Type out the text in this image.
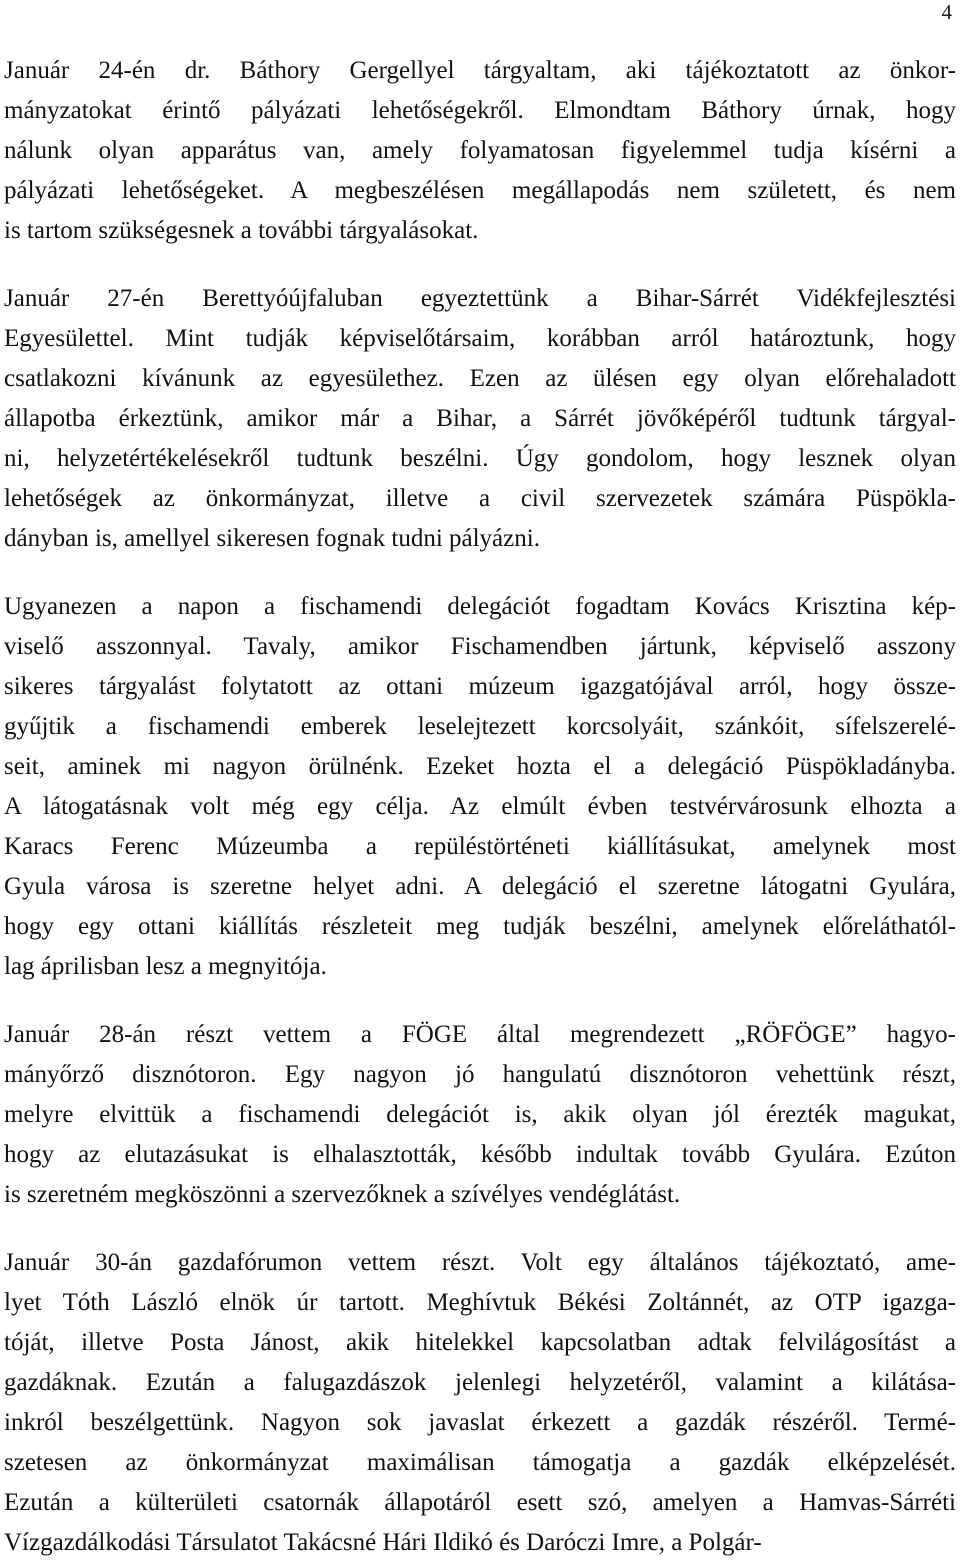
4
Január 24-én dr. Báthory Gergellyel tárgyaltam, aki tájékoztatott az önkor-
mányzatokat érintő pályázati lehetőségekről. Elmondtam Báthory úrnak, hogy
nálunk olyan apparátus van, amely folyamatosan figyelemmel tudja kísérni a
pályázati lehetőségeket. A megbeszélésen megállapodás nem született, és nem
is tartom szükségesnek a további tárgyalásokat.
Január 27-én Berettyóújfaluban egyeztettünk a Bihar-Sárrét Vidékfejlesztési
Egyesülettel. Mint tudják képviselőtársaim, korábban arról határoztunk, hogy
csatlakozni kívánunk az egyesülethez. Ezen az ülésen egy olyan előrehaladott
állapotba érkeztünk, amikor már a Bihar, a Sárrét jövőképéről tudtunk tárgyal-
ni, helyzetértékelésekről tudtunk beszélni. Úgy gondolom, hogy lesznek olyan
lehetőségek az önkormányzat, illetve a civil szervezetek számára Püspökla-
dányban is, amellyel sikeresen fognak tudni pályázni.
Ugyanezen a napon a fischamendi delegációt fogadtam Kovács Krisztina kép-
viselő asszonnyal. Tavaly, amikor Fischamendben jártunk, képviselő asszony
sikeres tárgyalást folytatott az ottani múzeum igazgatójával arról, hogy össze-
gyűjtik a fischamendi emberek leselejtezett korcsolyáit, szánkóit, sífelszerelé-
seit, aminek mi nagyon örülnénk. Ezeket hozta el a delegáció Püspökladányba.
A látogatásnak volt még egy célja. Az elmúlt évben testvérvárosunk elhozta a
Karacs Ferenc Múzeumba a repüléstörténeti kiállításukat, amelynek most
Gyula városa is szeretne helyet adni. A delegáció el szeretne látogatni Gyulára,
hogy egy ottani kiállítás részleteit meg tudják beszélni, amelynek előreláthatól-
lag áprilisban lesz a megnyitója.
Január 28-án részt vettem a FÖGE által megrendezett „RÖFÖGE” hagyo-
mányőrző disznótoron. Egy nagyon jó hangulatú disznótoron vehettünk részt,
melyre elvittük a fischamendi delegációt is, akik olyan jól érezték magukat,
hogy az elutazásukat is elhalasztották, később indultak tovább Gyulára. Ezúton
is szeretném megköszönni a szervezőknek a szívélyes vendéglátást.
Január 30-án gazdafórumon vettem részt. Volt egy általános tájékoztató, ame-
lyet Tóth László elnök úr tartott. Meghívtuk Békési Zoltánnét, az OTP igazga-
tóját, illetve Posta Jánost, akik hitelekkel kapcsolatban adtak felvilágosítást a
gazdáknak. Ezután a falugazdászok jelenlegi helyzetéről, valamint a kilátása-
inkról beszélgettünk. Nagyon sok javaslat érkezett a gazdák részéről. Termé-
szetesen az önkormányzat maximálisan támogatja a gazdák elképzelését.
Ezután a külterületi csatornák állapotáról esett szó, amelyen a Hamvas-Sárréti
Vízgazdálkodási Társulatot Takácsné Hári Ildikó és Daróczi Imre, a Polgár-
